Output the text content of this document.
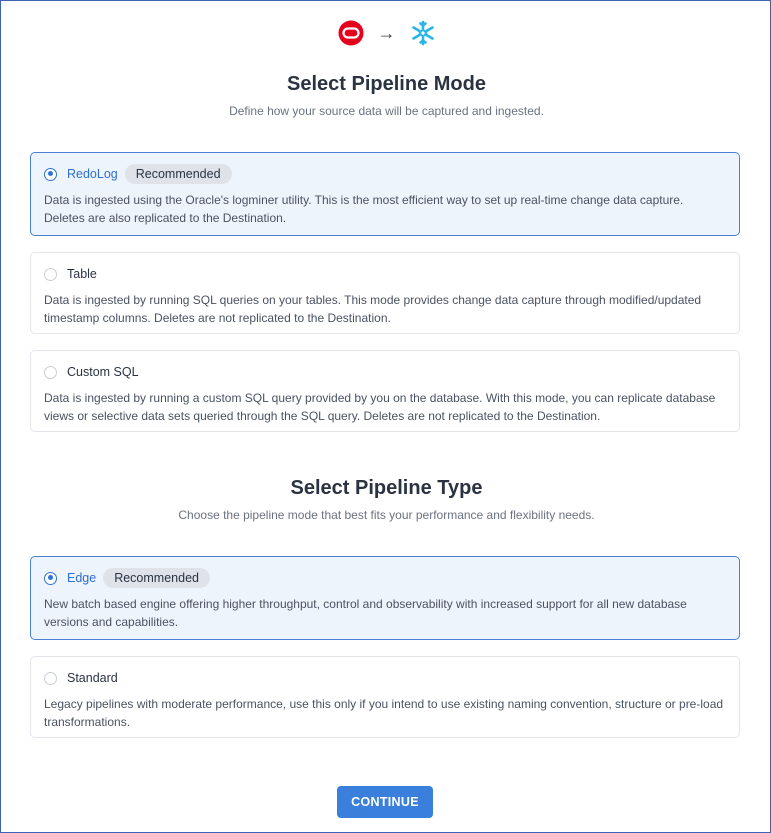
→
Select Pipeline Mode
Define how your source data will be captured and ingested.
RedoLog	Recommended
Data is ingested using the Oracle's logminer utility. This is the most efficient way to set up real-time change data capture. Deletes are also replicated to the Destination.
Table
Data is ingested by running SQL queries on your tables. This mode provides change data capture through modified/updated timestamp columns. Deletes are not replicated to the Destination.
Custom SQL
Data is ingested by running a custom SQL query provided by you on the database. With this mode, you can replicate database views or selective data sets queried through the SQL query. Deletes are not replicated to the Destination.
Select Pipeline Type
Choose the pipeline mode that best fits your performance and flexibility needs.
Edge	Recommended
New batch based engine offering higher throughput, control and observability with increased support for all new database versions and capabilities.
Standard
Legacy pipelines with moderate performance, use this only if you intend to use existing naming convention, structure or pre-load transformations.
CONTINUE
